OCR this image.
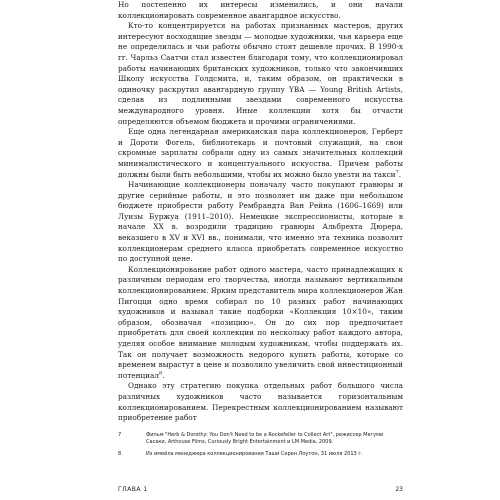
Но постепенно их интересы изменились, и они начали коллекционировать современное авангардное искусство.

Кто-то концентрируется на работах признанных мастеров, других интересуют восходящие звезды — молодые художники, чья карьера еще не определилась и чьи работы обычно стоят дешевле прочих. В 1990-х гг. Чарльз Саатчи стал известен благодаря тому, что коллекционировал работы начинающих британских художников, только что закончивших Школу искусства Голдсмита, и, таким образом, он практически в одиночку раскрутил авангардную группу YBA — Young British Artists, сделав из подлинными звездами современного искусства международного уровня. Иные коллекции хотя бы отчасти определяются объемом бюджета и прочими ограничениями.

Еще одна легендарная американская пара коллекционеров, Герберт и Дороти Фогель, библиотекарь и почтовый служащий, на свои скромные зарплаты собрали одну из самых значительных коллекций минималистического и концептуального искусства. Причем работы должны были быть небольшими, чтобы их можно было увезти на такси$^7$.

Начинающие коллекционеры поначалу часто покупают гравюры и другие серийные работы, и это позволяет им даже при небольшом бюджете приобрести работу Рембрандта Ван Рейна (1606–1669) или Луизы Буржуа (1911–2010). Немецкие экспрессионисты, которые в начале XX в. возродили традицию гравюры Альбрехта Дюрера, веказшего в XV и XVI вв., понимали, что именно эта техника позволит коллекционерам среднего класса приобретать современное искусство по доступной цене.

Коллекционирование работ одного мастера, часто принадлежащих к различным периодам его творчества, иногда называют вертикальным коллекционированием. Ярким представитель мира коллекционеров Жан Пигоцци одно время собирал по 10 разных работ начинающих художников и называл такие подборки «Коллекция 10×10», таким образом, обозначая «позицию». Он до сих пор предпочитает приобретать для своей коллекции по нескольку работ каждого автора, уделяя особое внимание молодым художникам, чтобы поддержать их. Так он получает возможность недорого купить работы, которые со временем вырастут в цене и позволило увеличить свой инвестиционный потенциал$^8$.

Однако эту стратегию покупка отдельных работ большого числа различных художников часто называется горизонтальным коллекционированием. Перекрестным коллекционированием называют приобретение работ

7	Фильм "Herb & Dorothy: You Don't Need to be a Rockefeller to Collect Art", режиссер Мегуми Сасаки, Arthouse Films, Curiously Bright Entertainment и LM Media, 2009.
8	Из имейла менеджера коллекционирования Таши Серен Лоутон, 31 июля 2013 г.
ГЛАВА 1	23
